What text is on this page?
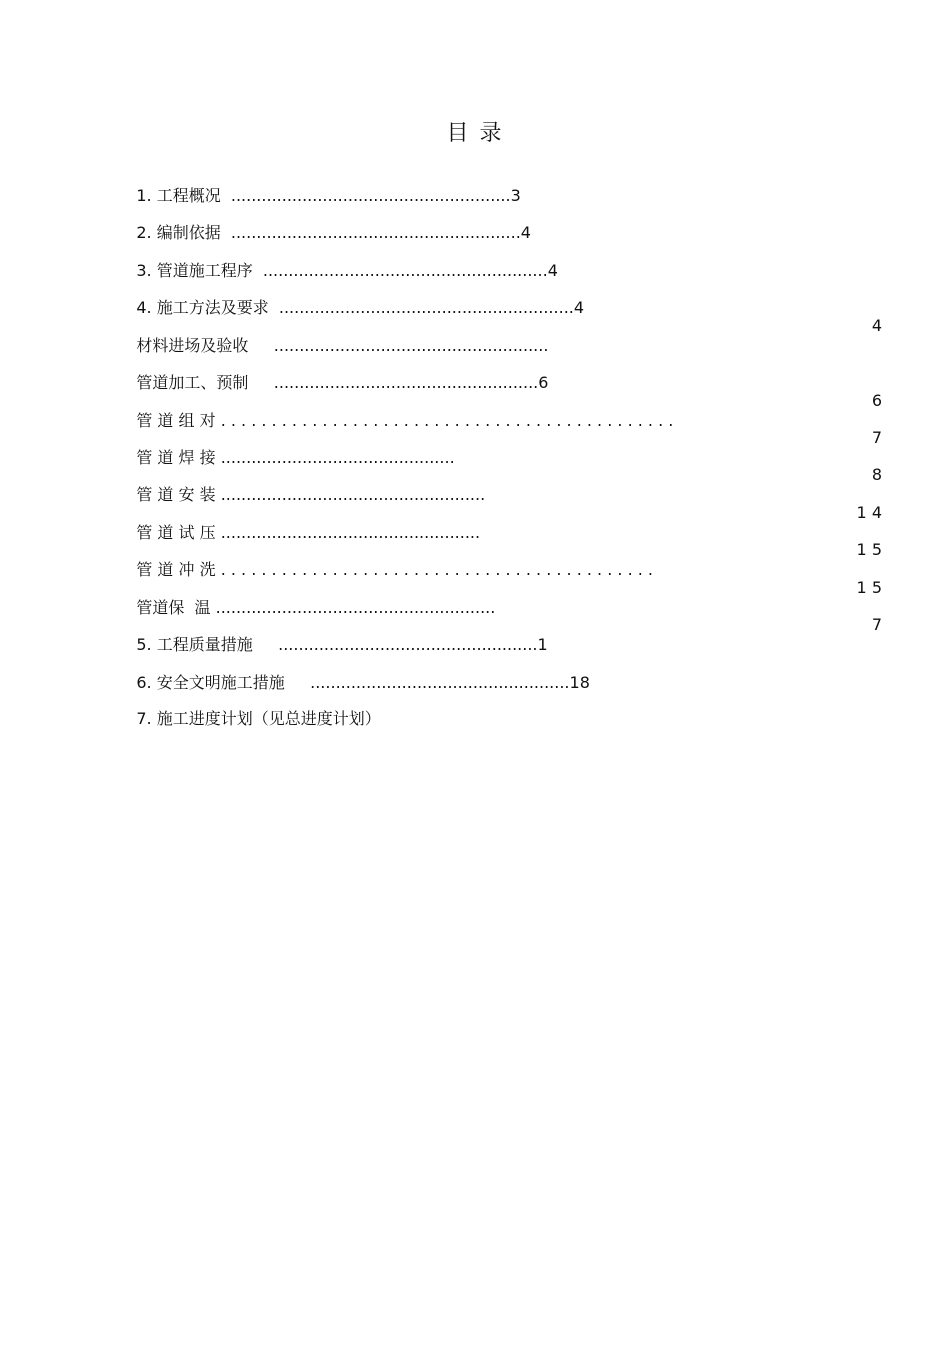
目 录

1. 工程概况  .......................................................3

2. 编制依据  .........................................................4

3. 管道施工程序  ........................................................4

4. 施工方法及要求  ..........................................................4

材料进场及验收     ......................................................

4

管道加工、预制     ....................................................6

管 道 组 对 . . . . . . . . . . . . . . . . . . . . . . . . . . . . . . . . . . . . . . . . . . . . .

6

管 道 焊 接 ..............................................

7

管 道 安 装 ....................................................

8

管 道 试 压 ...................................................

1 4

管 道 冲 洗 . . . . . . . . . . . . . . . . . . . . . . . . . . . . . . . . . . . . . . . . . . .

1 5

管道保  温 .......................................................

1 5

5. 工程质量措施     ...................................................1

7

6. 安全文明施工措施     ...................................................18

7. 施工进度计划（见总进度计划）
